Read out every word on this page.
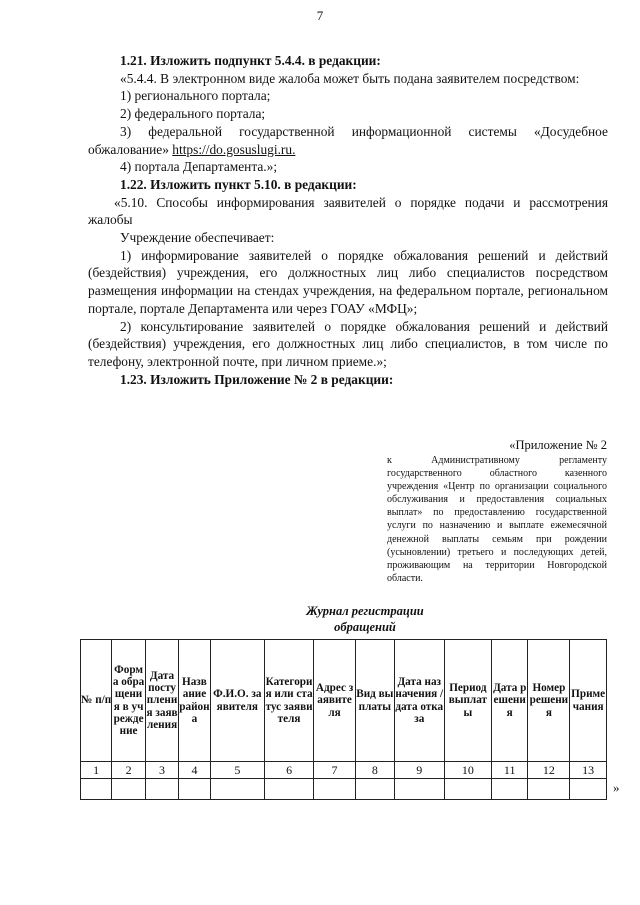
7

1.21. Изложить подпункт 5.4.4. в редакции:

«5.4.4. В электронном виде жалоба может быть подана заявителем посредством:

1) регионального портала;

2) федерального портала;

3) федеральной государственной информационной системы «Досудебное обжалование» https://do.gosuslugi.ru.

4) портала Департамента.»;

1.22. Изложить пункт 5.10. в редакции:

«5.10. Способы информирования заявителей о порядке подачи и рассмотрения жалобы

Учреждение обеспечивает:

1) информирование заявителей о порядке обжалования решений и действий (бездействия) учреждения, его должностных лиц либо специалистов посредством размещения информации на стендах учреждения, на федеральном портале, региональном портале, портале Департамента или через ГОАУ «МФЦ»;

2) консультирование заявителей о порядке обжалования решений и действий (бездействия) учреждения, его должностных лиц либо специалистов, в том числе по телефону, электронной почте, при личном приеме.»;

1.23. Изложить Приложение № 2 в редакции:

«Приложение № 2
к Административному регламенту государственного областного казенного учреждения «Центр по организации социального обслуживания и предоставления социальных выплат» по предоставлению государственной услуги по назначению и выплате ежемесячной денежной выплаты семьям при рождении (усыновлении) третьего и последующих детей, проживающим на территории Новгородской области.
Журнал регистрации обращений
№ п/п	Форма обращения в учреждение	Дата поступления заявления	Название района	Ф.И.О. заявителя	Категория или статус заявителя	Адрес заявителя	Вид выплаты	Дата назначения / дата отказа	Период выплаты	Дата решения	Номер решения	Примечания
1	2	3	4	5	6	7	8	9	10	11	12	13

»
